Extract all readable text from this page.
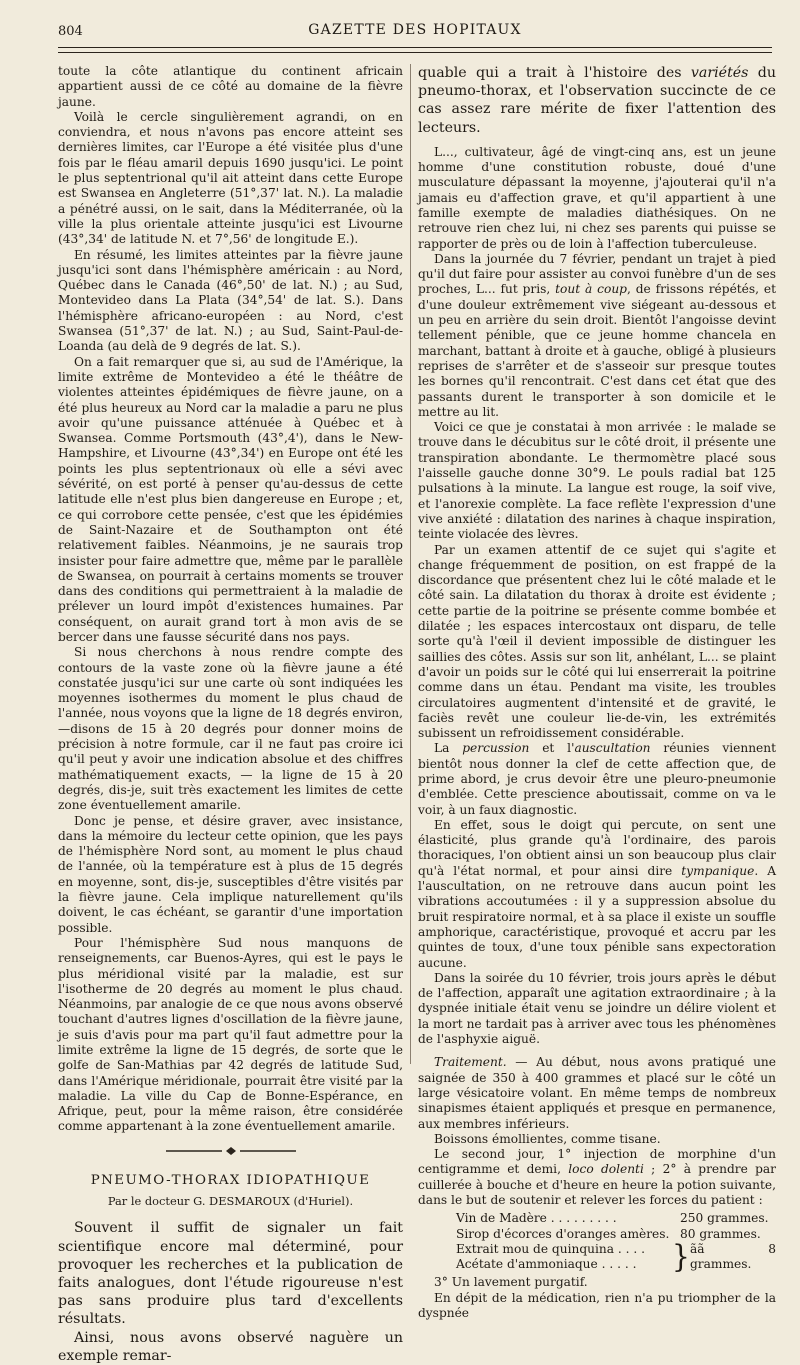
804	GAZETTE DES HOPITAUX

toute la côte atlantique du continent africain appartient aussi de ce côté au domaine de la fièvre jaune.

Voilà le cercle singulièrement agrandi, on en conviendra, et nous n'avons pas encore atteint ses dernières limites, car l'Europe a été visitée plus d'une fois par le fléau amaril depuis 1690 jusqu'ici. Le point le plus septentrional qu'il ait atteint dans cette Europe est Swansea en Angleterre (51°,37' lat. N.). La maladie a pénétré aussi, on le sait, dans la Méditerranée, où la ville la plus orientale atteinte jusqu'ici est Livourne (43°,34' de latitude N. et 7°,56' de longitude E.).

En résumé, les limites atteintes par la fièvre jaune jusqu'ici sont dans l'hémisphère américain : au Nord, Québec dans le Canada (46°,50' de lat. N.) ; au Sud, Montevideo dans La Plata (34°,54' de lat. S.). Dans l'hémisphère africano-européen : au Nord, c'est Swansea (51°,37' de lat. N.) ; au Sud, Saint-Paul-de-Loanda (au delà de 9 degrés de lat. S.).

On a fait remarquer que si, au sud de l'Amérique, la limite extrême de Montevideo a été le théâtre de violentes atteintes épidémiques de fièvre jaune, on a été plus heureux au Nord car la maladie a paru ne plus avoir qu'une puissance atténuée à Québec et à Swansea. Comme Portsmouth (43°,4'), dans le New-Hampshire, et Livourne (43°,34') en Europe ont été les points les plus septentrionaux où elle a sévi avec sévérité, on est porté à penser qu'au-dessus de cette latitude elle n'est plus bien dangereuse en Europe ; et, ce qui corrobore cette pensée, c'est que les épidémies de Saint-Nazaire et de Southampton ont été relativement faibles. Néanmoins, je ne saurais trop insister pour faire admettre que, même par le parallèle de Swansea, on pourrait à certains moments se trouver dans des conditions qui permettraient à la maladie de prélever un lourd impôt d'existences humaines. Par conséquent, on aurait grand tort à mon avis de se bercer dans une fausse sécurité dans nos pays.

Si nous cherchons à nous rendre compte des contours de la vaste zone où la fièvre jaune a été constatée jusqu'ici sur une carte où sont indiquées les moyennes isothermes du moment le plus chaud de l'année, nous voyons que la ligne de 18 degrés environ,—disons de 15 à 20 degrés pour donner moins de précision à notre formule, car il ne faut pas croire ici qu'il peut y avoir une indication absolue et des chiffres mathématiquement exacts, — la ligne de 15 à 20 degrés, dis-je, suit très exactement les limites de cette zone éventuellement amarile.

Donc je pense, et désire graver, avec insistance, dans la mémoire du lecteur cette opinion, que les pays de l'hémisphère Nord sont, au moment le plus chaud de l'année, où la température est à plus de 15 degrés en moyenne, sont, dis-je, susceptibles d'être visités par la fièvre jaune. Cela implique naturellement qu'ils doivent, le cas échéant, se garantir d'une importation possible.

Pour l'hémisphère Sud nous manquons de renseignements, car Buenos-Ayres, qui est le pays le plus méridional visité par la maladie, est sur l'isotherme de 20 degrés au moment le plus chaud. Néanmoins, par analogie de ce que nous avons observé touchant d'autres lignes d'oscillation de la fièvre jaune, je suis d'avis pour ma part qu'il faut admettre pour la limite extrême la ligne de 15 degrés, de sorte que le golfe de San-Mathias par 42 degrés de latitude Sud, dans l'Amérique méridionale, pourrait être visité par la maladie. La ville du Cap de Bonne-Espérance, en Afrique, peut, pour la même raison, être considérée comme appartenant à la zone éventuellement amarile.

PNEUMO-THORAX IDIOPATHIQUE
Par le docteur G. DESMAROUX (d'Huriel).

Souvent il suffit de signaler un fait scientifique encore mal déterminé, pour provoquer les recherches et la publication de faits analogues, dont l'étude rigoureuse n'est pas sans produire plus tard d'excellents résultats.

Ainsi, nous avons observé naguère un exemple remar-

quable qui a trait à l'histoire des variétés du pneumo-thorax, et l'observation succincte de ce cas assez rare mérite de fixer l'attention des lecteurs.

L..., cultivateur, âgé de vingt-cinq ans, est un jeune homme d'une constitution robuste, doué d'une musculature dépassant la moyenne, j'ajouterai qu'il n'a jamais eu d'affection grave, et qu'il appartient à une famille exempte de maladies diathésiques. On ne retrouve rien chez lui, ni chez ses parents qui puisse se rapporter de près ou de loin à l'affection tuberculeuse.

Dans la journée du 7 février, pendant un trajet à pied qu'il dut faire pour assister au convoi funèbre d'un de ses proches, L... fut pris, tout à coup, de frissons répétés, et d'une douleur extrêmement vive siégeant au-dessous et un peu en arrière du sein droit. Bientôt l'angoisse devint tellement pénible, que ce jeune homme chancela en marchant, battant à droite et à gauche, obligé à plusieurs reprises de s'arrêter et de s'asseoir sur presque toutes les bornes qu'il rencontrait. C'est dans cet état que des passants durent le transporter à son domicile et le mettre au lit.

Voici ce que je constatai à mon arrivée : le malade se trouve dans le décubitus sur le côté droit, il présente une transpiration abondante. Le thermomètre placé sous l'aisselle gauche donne 30°9. Le pouls radial bat 125 pulsations à la minute. La langue est rouge, la soif vive, et l'anorexie complète. La face reflète l'expression d'une vive anxiété : dilatation des narines à chaque inspiration, teinte violacée des lèvres.

Par un examen attentif de ce sujet qui s'agite et change fréquemment de position, on est frappé de la discordance que présentent chez lui le côté malade et le côté sain. La dilatation du thorax à droite est évidente ; cette partie de la poitrine se présente comme bombée et dilatée ; les espaces intercostaux ont disparu, de telle sorte qu'à l'œil il devient impossible de distinguer les saillies des côtes. Assis sur son lit, anhélant, L... se plaint d'avoir un poids sur le côté qui lui enserrerait la poitrine comme dans un étau. Pendant ma visite, les troubles circulatoires augmentent d'intensité et de gravité, le faciès revêt une couleur lie-de-vin, les extrémités subissent un refroidissement considérable.

La percussion et l'auscultation réunies viennent bientôt nous donner la clef de cette affection que, de prime abord, je crus devoir être une pleuro-pneumonie d'emblée. Cette prescience aboutissait, comme on va le voir, à un faux diagnostic.

En effet, sous le doigt qui percute, on sent une élasticité, plus grande qu'à l'ordinaire, des parois thoraciques, l'on obtient ainsi un son beaucoup plus clair qu'à l'état normal, et pour ainsi dire tympanique. A l'auscultation, on ne retrouve dans aucun point les vibrations accoutumées : il y a suppression absolue du bruit respiratoire normal, et à sa place il existe un souffle amphorique, caractéristique, provoqué et accru par les quintes de toux, d'une toux pénible sans expectoration aucune.

Dans la soirée du 10 février, trois jours après le début de l'affection, apparaît une agitation extraordinaire ; à la dyspnée initiale était venu se joindre un délire violent et la mort ne tardait pas à arriver avec tous les phénomènes de l'asphyxie aiguë.

Traitement. — Au début, nous avons pratiqué une saignée de 350 à 400 grammes et placé sur le côté un large vésicatoire volant. En même temps de nombreux sinapismes étaient appliqués et presque en permanence, aux membres inférieurs.

Boissons émollientes, comme tisane.

Le second jour, 1° injection de morphine d'un centigramme et demi, loco dolenti ; 2° à prendre par cuillerée à bouche et d'heure en heure la potion suivante, dans le but de soutenir et relever les forces du patient :

Vin de Madère . . . . . . . . .	250 grammes.
Sirop d'écorces d'oranges amères. 80 grammes.
Extrait mou de quinquina . . . .
Acétate d'ammoniaque . . . . .	} ãã 8 grammes.

3° Un lavement purgatif.

En dépit de la médication, rien n'a pu triompher de la dyspnée
